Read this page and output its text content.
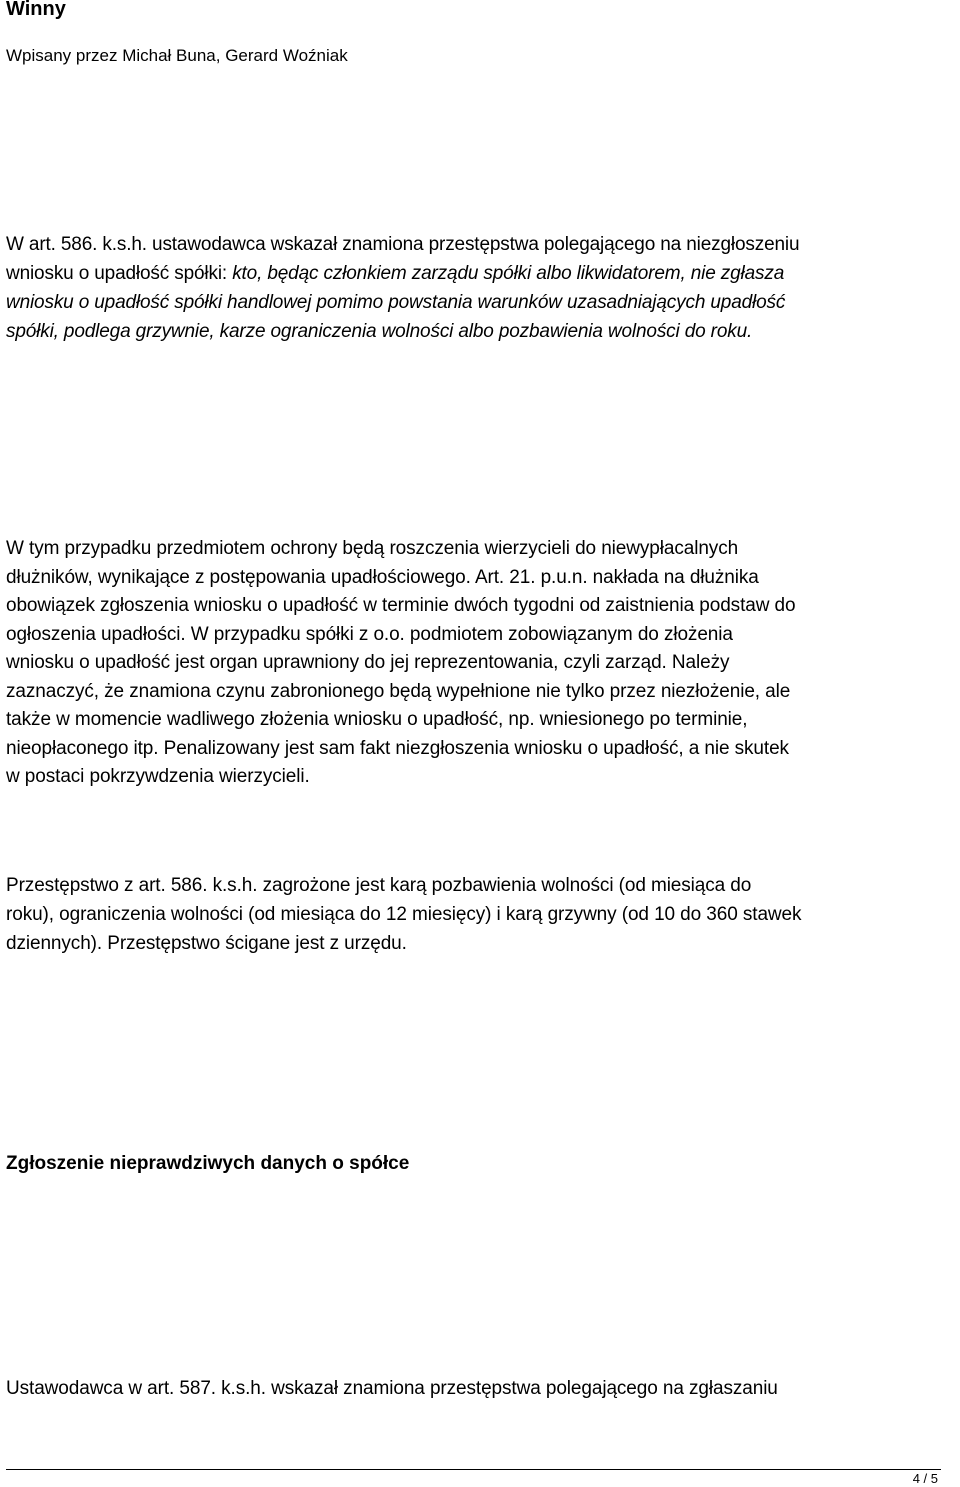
Winny

Wpisany przez Michał Buna, Gerard Woźniak

W art. 586. k.s.h. ustawodawca wskazał znamiona przestępstwa polegającego na niezgłoszeniu
wniosku o upadłość spółki: kto, będąc członkiem zarządu spółki albo likwidatorem, nie zgłasza
wniosku o upadłość spółki handlowej pomimo powstania warunków uzasadniających upadłość
spółki, podlega grzywnie, karze ograniczenia wolności albo pozbawienia wolności do roku.

W tym przypadku przedmiotem ochrony będą roszczenia wierzycieli do niewypłacalnych
dłużników, wynikające z postępowania upadłościowego. Art. 21. p.u.n. nakłada na dłużnika
obowiązek zgłoszenia wniosku o upadłość w terminie dwóch tygodni od zaistnienia podstaw do
ogłoszenia upadłości. W przypadku spółki z o.o. podmiotem zobowiązanym do złożenia
wniosku o upadłość jest organ uprawniony do jej reprezentowania, czyli zarząd. Należy
zaznaczyć, że znamiona czynu zabronionego będą wypełnione nie tylko przez niezłożenie, ale
także w momencie wadliwego złożenia wniosku o upadłość, np. wniesionego po terminie,
nieopłaconego itp. Penalizowany jest sam fakt niezgłoszenia wniosku o upadłość, a nie skutek
w postaci pokrzywdzenia wierzycieli.

Przestępstwo z art. 586. k.s.h. zagrożone jest karą pozbawienia wolności (od miesiąca do
roku), ograniczenia wolności (od miesiąca do 12 miesięcy) i karą grzywny (od 10 do 360 stawek
dziennych). Przestępstwo ścigane jest z urzędu.

Zgłoszenie nieprawdziwych danych o spółce

Ustawodawca w art. 587. k.s.h. wskazał znamiona przestępstwa polegającego na zgłaszaniu

4 / 5
